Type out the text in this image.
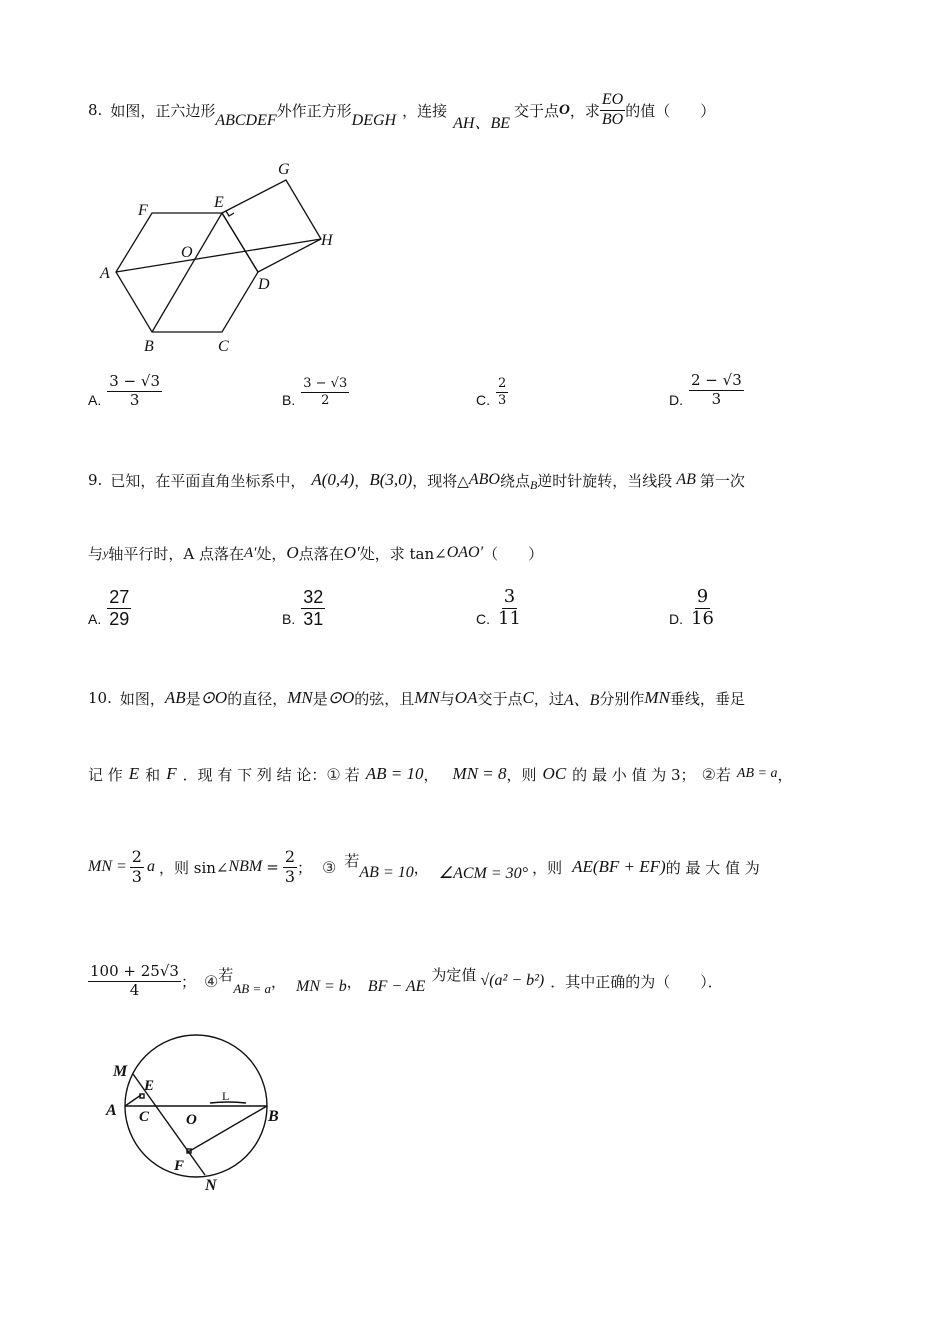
8. 如图，正六边形
ABCDEF
外作正方形
DEGH
，连接
AH、BE
交于点 O ，求 $\frac{EO}{BO}$ 的值（　　）
G
F	E
H
O
A
D
B	C
A. $\frac{3 - √3}{3}$	B. $\frac{3 - √3}{2}$	C. $\frac{2}{3}$	D. $\frac{2 - √3}{3}$
9. 已知，在平面直角坐标系中， A(0,4) ， B(3,0) ，现将△ ABO 绕点 B 逆时针旋转，当线段 AB 第一次
与 y 轴平行时，A 点落在 A′ 处， O 点落在 O′ 处，求 tan∠ OAO′ （　　）
A. $\frac{27}{29}$	B. $\frac{32}{31}$	C. $\frac{3}{11}$	D. $\frac{9}{16}$
10. 如图， AB 是 ⊙O 的直径， MN 是 ⊙O 的弦，且 MN 与 OA 交于点 C ，过 A、B 分别作 MN 垂线，垂足
记 作 E 和 F ．现 有 下 列 结 论： ① 若 AB = 10 ， MN = 8 ，则 OC 的 最 小 值 为 3； ② 若 AB = a ，
MN = $\frac{2}{3}$ a ，则 sin∠ NBM = $\frac{2}{3}$ ； ③ 若
AB = 10 ， ∠ACM = 30° ，则 AE(BF + EF) 的 最 大 值 为
$\frac{100 + 25√3}{4}$ ； ④ 若
AB = a ， MN = b ， BF − AE
为定值 √(a² − b²) ．其中正确的为（　　）．
M
E
A C O	B
F
N
L
